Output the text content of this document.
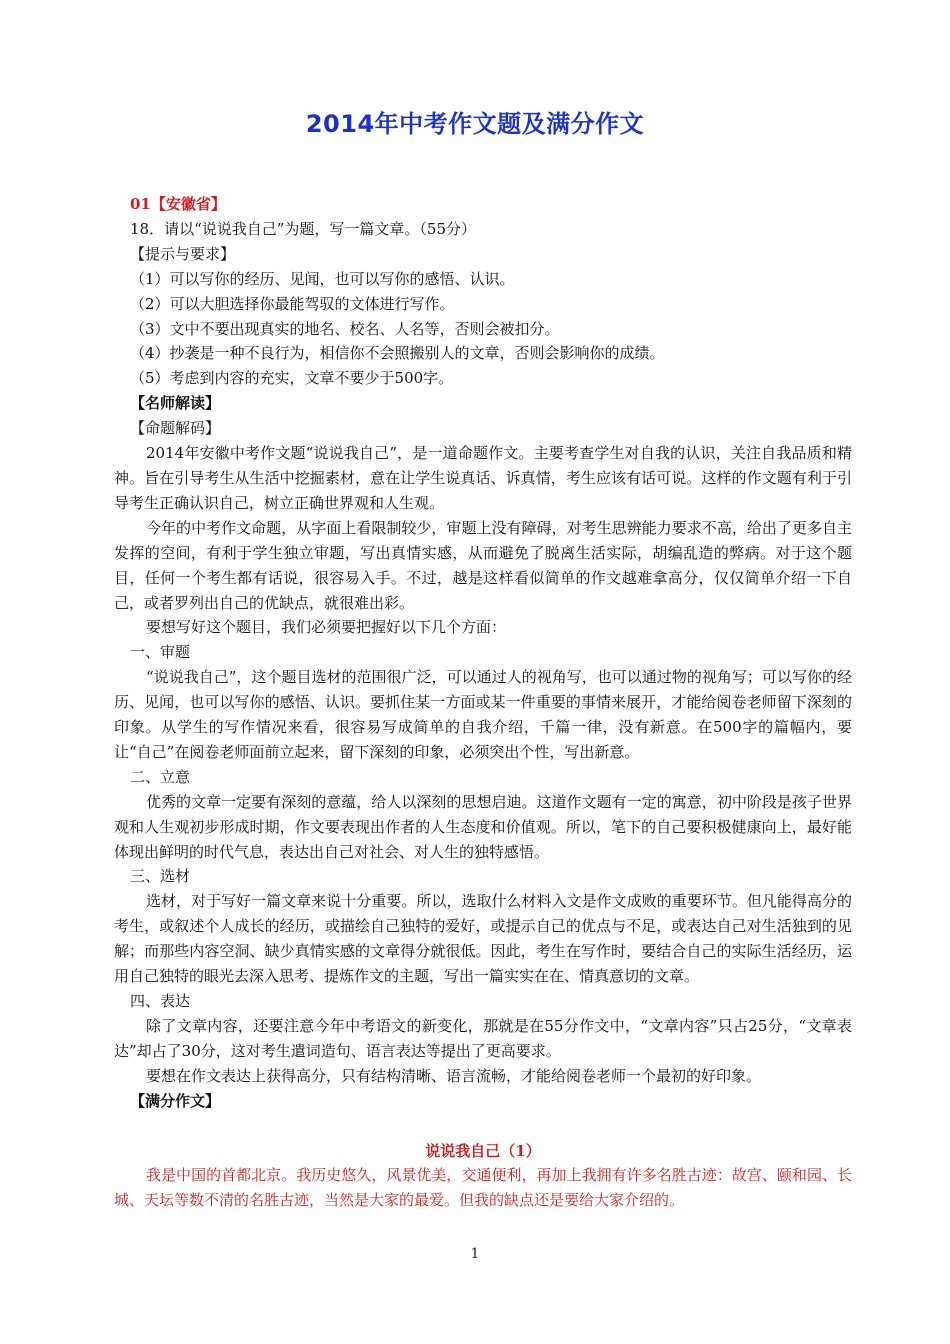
2014年中考作文题及满分作文
01【安徽省】
18．请以“说说我自己”为题，写一篇文章。（55分）
【提示与要求】
（1）可以写你的经历、见闻，也可以写你的感悟、认识。
（2）可以大胆选择你最能驾驭的文体进行写作。
（3）文中不要出现真实的地名、校名、人名等，否则会被扣分。
（4）抄袭是一种不良行为，相信你不会照搬别人的文章，否则会影响你的成绩。
（5）考虑到内容的充实，文章不要少于500字。
【名师解读】
【命题解码】
2014年安徽中考作文题“说说我自己”，是一道命题作文。主要考查学生对自我的认识，关注自我品质和精神。旨在引导考生从生活中挖掘素材，意在让学生说真话、诉真情，考生应该有话可说。这样的作文题有利于引导考生正确认识自己，树立正确世界观和人生观。
今年的中考作文命题，从字面上看限制较少，审题上没有障碍，对考生思辨能力要求不高，给出了更多自主发挥的空间，有利于学生独立审题，写出真情实感，从而避免了脱离生活实际，胡编乱造的弊病。对于这个题目，任何一个考生都有话说，很容易入手。不过，越是这样看似简单的作文越难拿高分，仅仅简单介绍一下自己，或者罗列出自己的优缺点，就很难出彩。
要想写好这个题目，我们必须要把握好以下几个方面：
一、审题
“说说我自己”，这个题目选材的范围很广泛，可以通过人的视角写，也可以通过物的视角写；可以写你的经历、见闻，也可以写你的感悟、认识。要抓住某一方面或某一件重要的事情来展开，才能给阅卷老师留下深刻的印象。从学生的写作情况来看，很容易写成简单的自我介绍，千篇一律，没有新意。在500字的篇幅内，要让“自己”在阅卷老师面前立起来，留下深刻的印象，必须突出个性，写出新意。
二、立意
优秀的文章一定要有深刻的意蕴，给人以深刻的思想启迪。这道作文题有一定的寓意，初中阶段是孩子世界观和人生观初步形成时期，作文要表现出作者的人生态度和价值观。所以，笔下的自己要积极健康向上，最好能体现出鲜明的时代气息，表达出自己对社会、对人生的独特感悟。
三、选材
选材，对于写好一篇文章来说十分重要。所以，选取什么材料入文是作文成败的重要环节。但凡能得高分的考生，或叙述个人成长的经历，或描绘自己独特的爱好，或提示自己的优点与不足，或表达自己对生活独到的见解；而那些内容空洞、缺少真情实感的文章得分就很低。因此，考生在写作时，要结合自己的实际生活经历，运用自己独特的眼光去深入思考、提炼作文的主题，写出一篇实实在在、情真意切的文章。
四、表达
除了文章内容，还要注意今年中考语文的新变化，那就是在55分作文中，“文章内容”只占25分，“文章表达”却占了30分，这对考生遣词造句、语言表达等提出了更高要求。
要想在作文表达上获得高分，只有结构清晰、语言流畅，才能给阅卷老师一个最初的好印象。
【满分作文】
说说我自己（1）
我是中国的首都北京。我历史悠久，风景优美，交通便利，再加上我拥有许多名胜古迹：故宫、颐和园、长城、天坛等数不清的名胜古迹，当然是大家的最爱。但我的缺点还是要给大家介绍的。
1
